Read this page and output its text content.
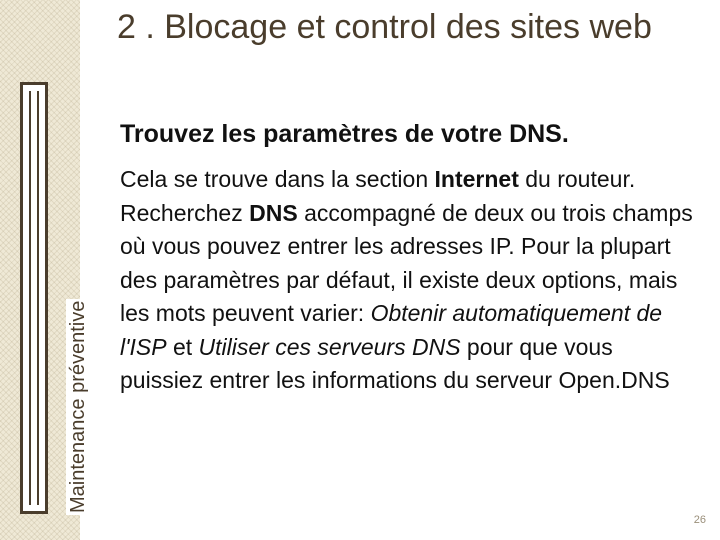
Maintenance préventive
2 . Blocage et control des sites web
Trouvez les paramètres de votre DNS.

Cela se trouve dans la section Internet du routeur. Recherchez DNS accompagné de deux ou trois champs où vous pouvez entrer les adresses IP. Pour la plupart des paramètres par défaut, il existe deux options, mais les mots peuvent varier: Obtenir automatiquement de l'ISP et Utiliser ces serveurs DNS pour que vous puissiez entrer les informations du serveur Open.DNS

26
